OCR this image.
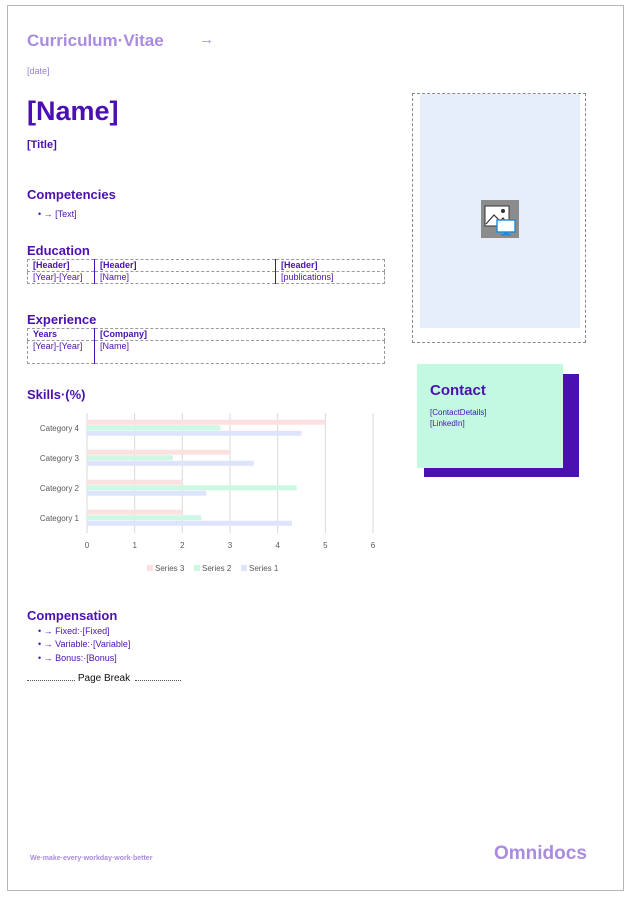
Curriculum·Vitae →
[date]
[Name]
[Title]
Competencies
• → [Text]
Education
[Header]	[Header]	[Header]
[Year]-[Year]	[Name]	[publications]
Experience
Years	[Company]
[Year]-[Year]	[Name]
Skills·(%)
0	1	2	3	4	5	6
Category 1
Category 2
Category 3
Category 4
Series 3 Series 2 Series 1
Compensation
• → Fixed:·[Fixed]
• → Variable:·[Variable]
• → Bonus:·[Bonus]
Page Break
Contact
[ContactDetails]
[LinkedIn]
We·make·every·workday·work·better	Omnidocs
